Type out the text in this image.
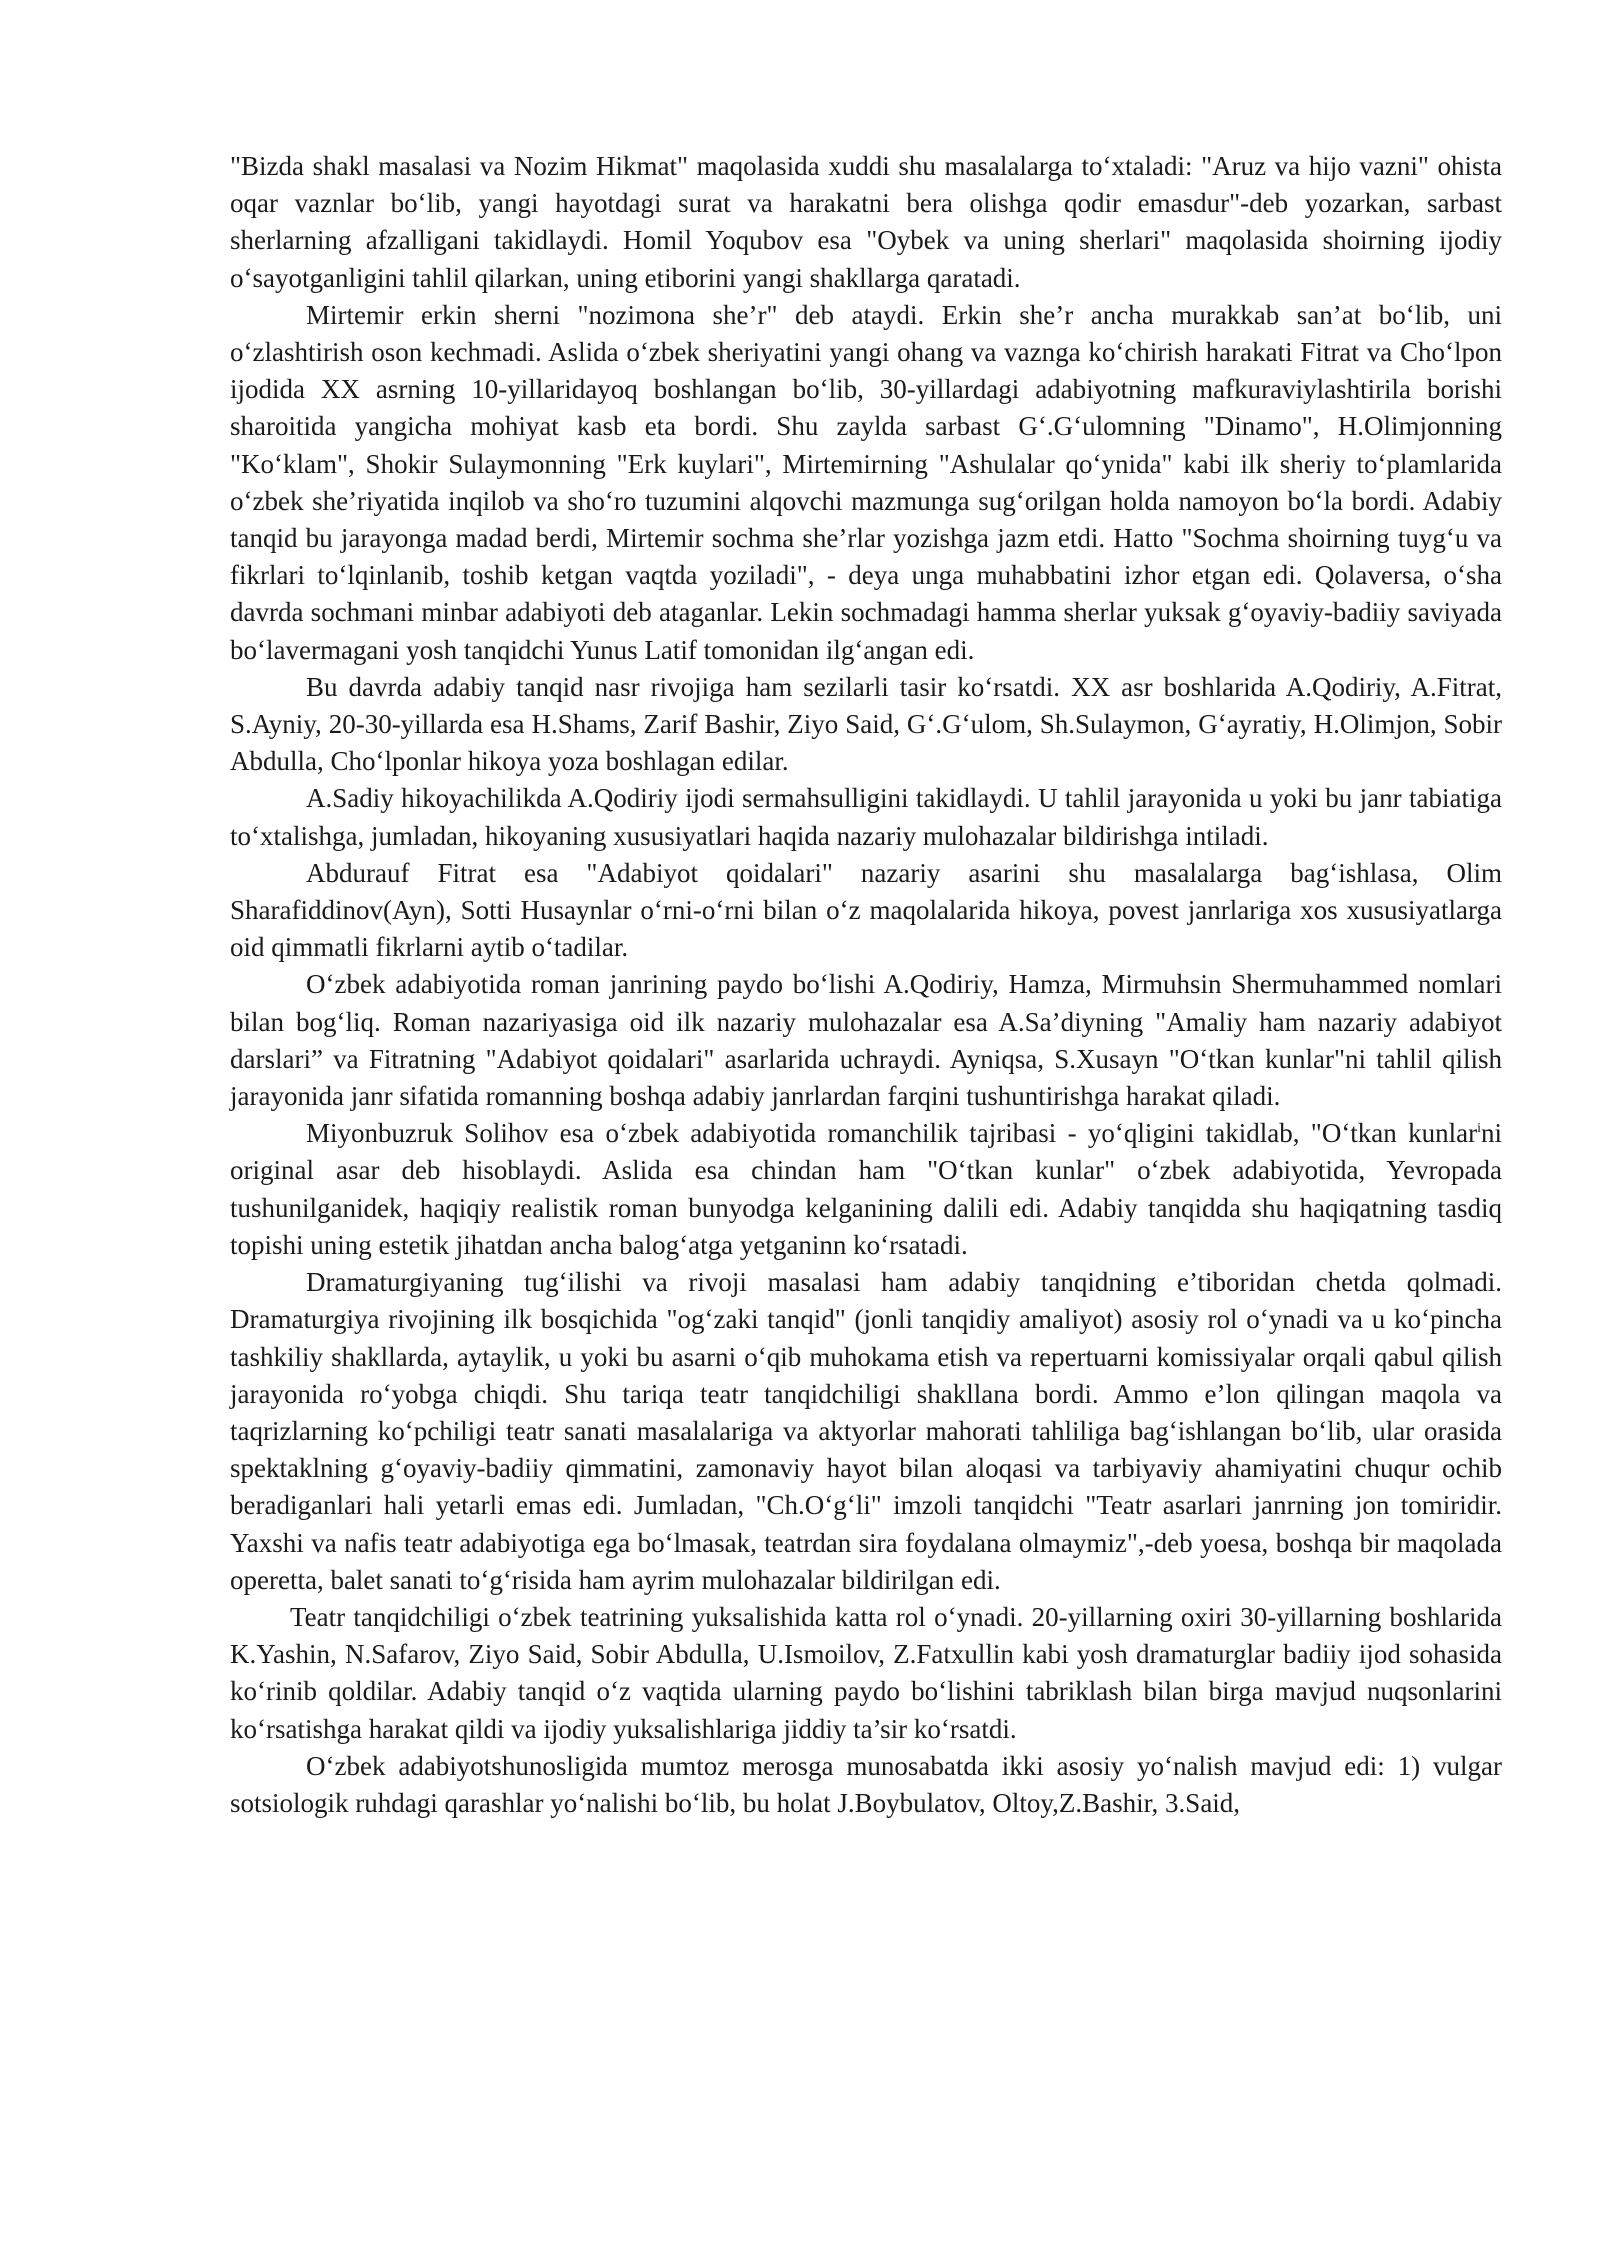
"Bizda shakl masalasi va Nozim Hikmat" maqolasida xuddi shu masalalarga toʻxtaladi: "Aruz va hijo vazni" ohista oqar vaznlar boʻlib, yangi hayotdagi surat va harakatni bera olishga qodir emasdur"-deb yozarkan, sarbast sherlarning afzalligani takidlaydi. Homil Yoqubov esa "Oybek va uning sherlari" maqolasida shoirning ijodiy oʻsayotganligini tahlil qilarkan, uning etiborini yangi shakllarga qaratadi.

Mirtemir erkin sherni "nozimona she’r" deb ataydi. Erkin she’r ancha murakkab san’at boʻlib, uni oʻzlashtirish oson kechmadi. Aslida oʻzbek sheriyatini yangi ohang va vaznga koʻchirish harakati Fitrat va Choʻlpon ijodida XX asrning 10-yillaridayoq boshlangan boʻlib, 30-yillardagi adabiyotning mafkuraviylashtirila borishi sharoitida yangicha mohiyat kasb eta bordi. Shu zaylda sarbast Gʻ.Gʻulomning "Dinamo", H.Olimjonning "Koʻklam", Shokir Sulaymonning "Erk kuylari", Mirtemirning "Ashulalar qoʻynida" kabi ilk sheriy toʻplamlarida oʻzbek she’riyatida inqilob va shoʻro tuzumini alqovchi mazmunga sugʻorilgan holda namoyon boʻla bordi. Adabiy tanqid bu jarayonga madad berdi, Mirtemir sochma she’rlar yozishga jazm etdi. Hatto "Sochma shoirning tuygʻu va fikrlari toʻlqinlanib, toshib ketgan vaqtda yoziladi", - deya unga muhabbatini izhor etgan edi. Qolaversa, oʻsha davrda sochmani minbar adabiyoti deb ataganlar. Lekin sochmadagi hamma sherlar yuksak gʻoyaviy-badiiy saviyada boʻlavermagani yosh tanqidchi Yunus Latif tomonidan ilgʻangan edi.

Bu davrda adabiy tanqid nasr rivojiga ham sezilarli tasir koʻrsatdi. XX asr boshlarida A.Qodiriy, A.Fitrat, S.Ayniy, 20-30-yillarda esa H.Shams, Zarif Bashir, Ziyo Said, Gʻ.Gʻulom, Sh.Sulaymon, Gʻayratiy, H.Olimjon, Sobir Abdulla, Choʻlponlar hikoya yoza boshlagan edilar.

A.Sadiy hikoyachilikda A.Qodiriy ijodi sermahsulligini takidlaydi. U tahlil jarayonida u yoki bu janr tabiatiga toʻxtalishga, jumladan, hikoyaning xususiyatlari haqida nazariy mulohazalar bildirishga intiladi.

Abdurauf Fitrat esa "Adabiyot qoidalari" nazariy asarini shu masalalarga bagʻishlasa, Olim Sharafiddinov(Ayn), Sotti Husaynlar oʻrni-oʻrni bilan oʻz maqolalarida hikoya, povest janrlariga xos xususiyatlarga oid qimmatli fikrlarni aytib oʻtadilar.

Oʻzbek adabiyotida roman janrining paydo boʻlishi A.Qodiriy, Hamza, Mirmuhsin Shermuhammed nomlari bilan bogʻliq. Roman nazariyasiga oid ilk nazariy mulohazalar esa A.Sa’diyning "Amaliy ham nazariy adabiyot darslari” va Fitratning "Adabiyot qoidalari" asarlarida uchraydi. Ayniqsa, S.Xusayn "Oʻtkan kunlar"ni tahlil qilish jarayonida janr sifatida romanning boshqa adabiy janrlardan farqini tushuntirishga harakat qiladi.

Miyonbuzruk Solihov esa oʻzbek adabiyotida romanchilik tajribasi - yoʻqligini takidlab, "Oʻtkan kunlar$^i$ni original asar deb hisoblaydi. Aslida esa chindan ham "Oʻtkan kunlar" oʻzbek adabiyotida, Yevropada tushunilganidek, haqiqiy realistik roman bunyodga kelganining dalili edi. Adabiy tanqidda shu haqiqatning tasdiq topishi uning estetik jihatdan ancha balogʻatga yetganinn koʻrsatadi.

Dramaturgiyaning tugʻilishi va rivoji masalasi ham adabiy tanqidning e’tiboridan chetda qolmadi. Dramaturgiya rivojining ilk bosqichida "ogʻzaki tanqid" (jonli tanqidiy amaliyot) asosiy rol oʻynadi va u koʻpincha tashkiliy shakllarda, aytaylik, u yoki bu asarni oʻqib muhokama etish va repertuarni komissiyalar orqali qabul qilish jarayonida roʻyobga chiqdi. Shu tariqa teatr tanqidchiligi shakllana bordi. Ammo e’lon qilingan maqola va taqrizlarning koʻpchiligi teatr sanati masalalariga va aktyorlar mahorati tahliliga bagʻishlangan boʻlib, ular orasida spektaklning gʻoyaviy-badiiy qimmatini, zamonaviy hayot bilan aloqasi va tarbiyaviy ahamiyatini chuqur ochib beradiganlari hali yetarli emas edi. Jumladan, "Ch.Oʻgʻli" imzoli tanqidchi "Teatr asarlari janrning jon tomiridir. Yaxshi va nafis teatr adabiyotiga ega boʻlmasak, teatrdan sira foydalana olmaymiz",-deb yoesa, boshqa bir maqolada operetta, balet sanati toʻgʻrisida ham ayrim mulohazalar bildirilgan edi.

Teatr tanqidchiligi oʻzbek teatrining yuksalishida katta rol oʻynadi. 20-yillarning oxiri 30-yillarning boshlarida K.Yashin, N.Safarov, Ziyo Said, Sobir Abdulla, U.Ismoilov, Z.Fatxullin kabi yosh dramaturglar badiiy ijod sohasida koʻrinib qoldilar. Adabiy tanqid oʻz vaqtida ularning paydo boʻlishini tabriklash bilan birga mavjud nuqsonlarini koʻrsatishga harakat qildi va ijodiy yuksalishlariga jiddiy ta’sir koʻrsatdi.

Oʻzbek adabiyotshunosligida mumtoz merosga munosabatda ikki asosiy yoʻnalish mavjud edi: 1) vulgar sotsiologik ruhdagi qarashlar yoʻnalishi boʻlib, bu holat J.Boybulatov, Oltoy,Z.Bashir, 3.Said,
